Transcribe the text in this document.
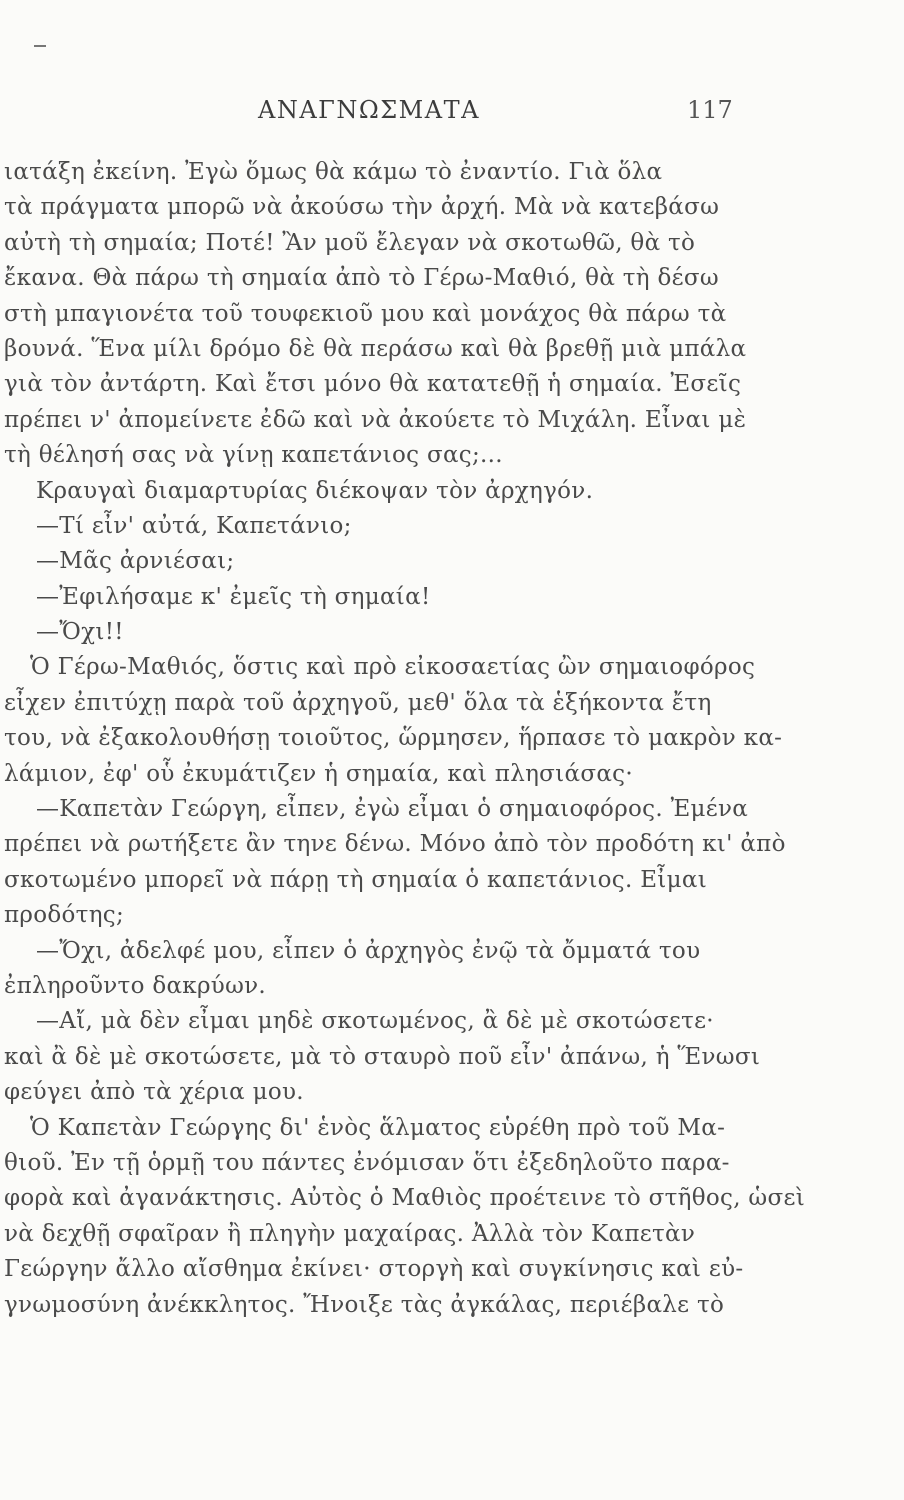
ΑΝΑΓΝΩΣΜΑΤΑ	117
ιατάξη ἐκείνη. Ἐγὼ ὅμως θὰ κάμω τὸ ἐναντίο. Γιὰ ὅλα
τὰ πράγματα μπορῶ νὰ ἀκούσω τὴν ἀρχή. Μὰ νὰ κατεβάσω
αὐτὴ τὴ σημαία; Ποτέ! Ἂν μοῦ ἔλεγαν νὰ σκοτωθῶ, θὰ τὸ
ἔκανα. Θὰ πάρω τὴ σημαία ἀπὸ τὸ Γέρω-Μαθιό, θὰ τὴ δέσω
στὴ μπαγιονέτα τοῦ τουφεκιοῦ μου καὶ μονάχος θὰ πάρω τὰ
βουνά. Ἕνα μίλι δρόμο δὲ θὰ περάσω καὶ θὰ βρεθῇ μιὰ μπάλα
γιὰ τὸν ἀντάρτη. Καὶ ἔτσι μόνο θὰ κατατεθῇ ἡ σημαία. Ἐσεῖς
πρέπει ν' ἀπομείνετε ἐδῶ καὶ νὰ ἀκούετε τὸ Μιχάλη. Εἶναι μὲ
τὴ θέλησή σας νὰ γίνῃ καπετάνιος σας;...
Κραυγαὶ διαμαρτυρίας διέκοψαν τὸν ἀρχηγόν.
—Τί εἶν' αὐτά, Καπετάνιο;
—Μᾶς ἀρνιέσαι;
—Ἐφιλήσαμε κ' ἐμεῖς τὴ σημαία!
—Ὄχι!!
Ὁ Γέρω-Μαθιός, ὅστις καὶ πρὸ εἰκοσαετίας ὢν σημαιοφόρος
εἶχεν ἐπιτύχῃ παρὰ τοῦ ἀρχηγοῦ, μεθ' ὅλα τὰ ἑξήκοντα ἔτη
του, νὰ ἐξακολουθήσῃ τοιοῦτος, ὥρμησεν, ἥρπασε τὸ μακρὸν κα-
λάμιον, ἐφ' οὗ ἐκυμάτιζεν ἡ σημαία, καὶ πλησιάσας·
—Καπετὰν Γεώργη, εἶπεν, ἐγὼ εἶμαι ὁ σημαιοφόρος. Ἐμένα
πρέπει νὰ ρωτήξετε ἂν τηνε δένω. Μόνο ἀπὸ τὸν προδότη κι' ἀπὸ
σκοτωμένο μπορεῖ νὰ πάρῃ τὴ σημαία ὁ καπετάνιος. Εἶμαι
προδότης;
—Ὄχι, ἀδελφέ μου, εἶπεν ὁ ἀρχηγὸς ἐνῷ τὰ ὄμματά του
ἐπληροῦντο δακρύων.
—Αἴ, μὰ δὲν εἶμαι μηδὲ σκοτωμένος, ἂ δὲ μὲ σκοτώσετε·
καὶ ἂ δὲ μὲ σκοτώσετε, μὰ τὸ σταυρὸ ποῦ εἶν' ἀπάνω, ἡ Ἕνωσι
φεύγει ἀπὸ τὰ χέρια μου.
Ὁ Καπετὰν Γεώργης δι' ἑνὸς ἅλματος εὑρέθη πρὸ τοῦ Μα-
θιοῦ. Ἐν τῇ ὁρμῇ του πάντες ἐνόμισαν ὅτι ἐξεδηλοῦτο παρα-
φορὰ καὶ ἀγανάκτησις. Αὐτὸς ὁ Μαθιὸς προέτεινε τὸ στῆθος, ὡσεὶ
νὰ δεχθῇ σφαῖραν ἢ πληγὴν μαχαίρας. Ἀλλὰ τὸν Καπετὰν
Γεώργην ἄλλο αἴσθημα ἐκίνει· στοργὴ καὶ συγκίνησις καὶ εὐ-
γνωμοσύνη ἀνέκκλητος. Ἤνοιξε τὰς ἀγκάλας, περιέβαλε τὸ
